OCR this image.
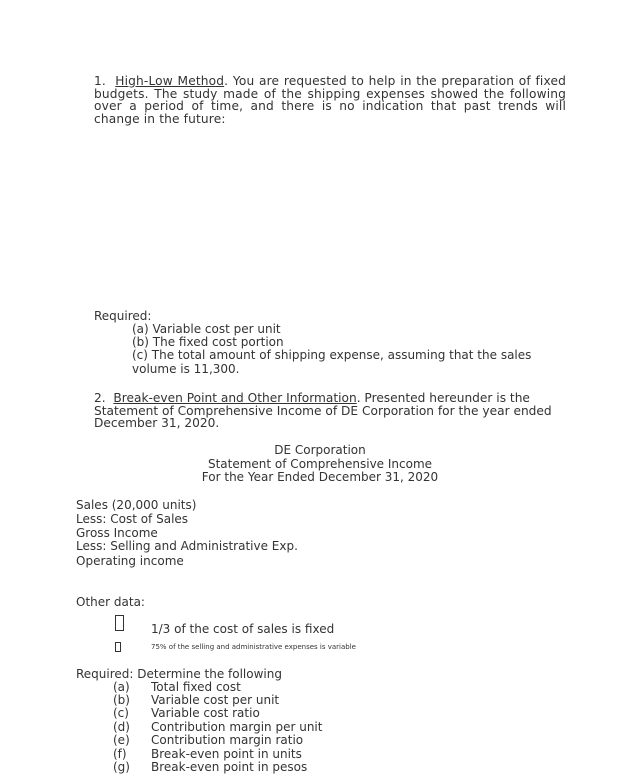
1. High-Low Method. You are requested to help in the preparation of fixed budgets. The study made of the shipping expenses showed the following over a period of time, and there is no indication that past trends will change in the future:
Required:
(a) Variable cost per unit
(b) The fixed cost portion
(c) The total amount of shipping expense, assuming that the sales volume is 11,300.
2. Break-even Point and Other Information. Presented hereunder is the Statement of Comprehensive Income of DE Corporation for the year ended December 31, 2020.
DE Corporation
Statement of Comprehensive Income
For the Year Ended December 31, 2020
Sales (20,000 units)
Less: Cost of Sales
Gross Income
Less: Selling and Administrative Exp.
Operating income
Other data:
1/3 of the cost of sales is fixed
75% of the selling and administrative expenses is variable
Required: Determine the following
(a) Total fixed cost
(b) Variable cost per unit
(c) Variable cost ratio
(d) Contribution margin per unit
(e) Contribution margin ratio
(f) Break-even point in units
(g) Break-even point in pesos
